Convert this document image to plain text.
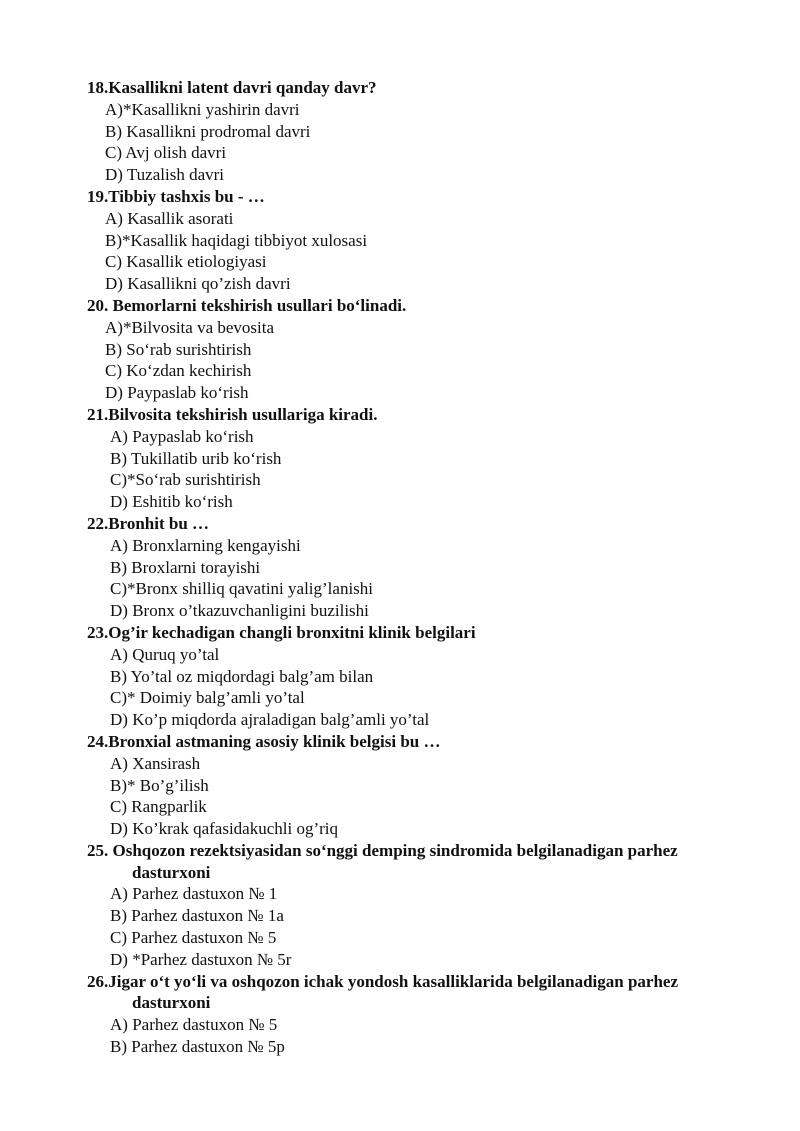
18.Kasallikni latent davri qanday davr?

A)*Kasallikni yashirin davri

B) Kasallikni prodromal davri

C) Avj olish davri

D) Tuzalish davri

19.Tibbiy tashxis bu - …

A) Kasallik asorati

B)*Kasallik haqidagi tibbiyot xulosasi

C) Kasallik etiologiyasi

D) Kasallikni qo’zish davri

20. Bemorlarni tekshirish usullari bo‘linadi.

A)*Bilvosita va bevosita

B) So‘rab surishtirish

C) Ko‘zdan kechirish

D) Paypaslab ko‘rish

21.Bilvosita tekshirish usullariga kiradi.

A) Paypaslab ko‘rish

B) Tukillatib urib ko‘rish

C)*So‘rab surishtirish

D) Eshitib ko‘rish

22.Bronhit bu …

A) Bronxlarning kengayishi

B) Broxlarni torayishi

C)*Bronx shilliq qavatini yalig’lanishi

D) Bronx o’tkazuvchanligini buzilishi

23.Og’ir kechadigan changli bronxitni klinik belgilari

A) Quruq yo’tal

B) Yo’tal oz miqdordagi balg’am bilan

C)* Doimiy balg’amli yo’tal

D) Ko’p miqdorda ajraladigan balg’amli yo’tal

24.Bronxial astmaning asosiy klinik belgisi bu …

A) Xansirash

B)* Bo’g’ilish

C) Rangparlik

D) Ko’krak qafasidakuchli og’riq

25. Oshqozon rezektsiyasidan so‘nggi demping sindromida belgilanadigan parhez
dasturxoni

A) Parhez dastuxon № 1

B) Parhez dastuxon № 1a

C) Parhez dastuxon № 5

D) *Parhez dastuxon № 5r

26.Jigar o‘t yo‘li va oshqozon ichak yondosh kasalliklarida belgilanadigan parhez
dasturxoni

A) Parhez dastuxon № 5

B) Parhez dastuxon № 5p
